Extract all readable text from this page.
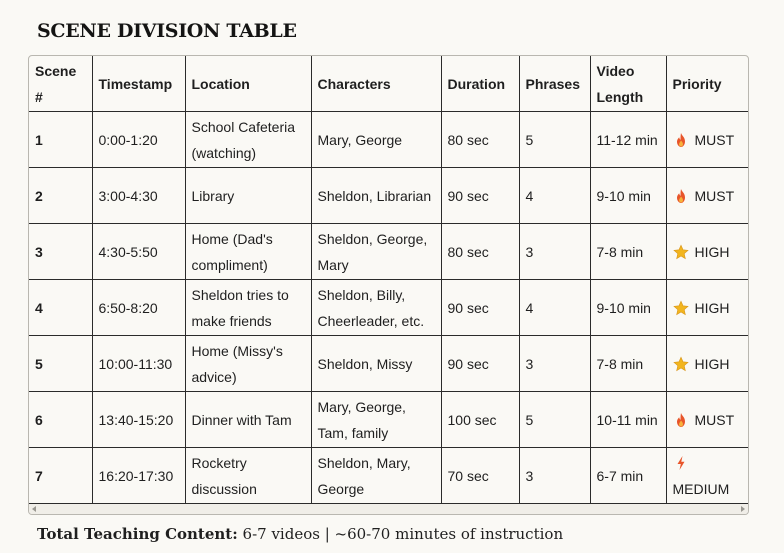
SCENE DIVISION TABLE
Scene #	Timestamp	Location	Characters	Duration	Phrases	Video Length	Priority
1	0:00-1:20	School Cafeteria (watching)	Mary, George	80 sec	5	11-12 min	MUST
2	3:00-4:30	Library	Sheldon, Librarian	90 sec	4	9-10 min	MUST
3	4:30-5:50	Home (Dad's compliment)	Sheldon, George, Mary	80 sec	3	7-8 min	HIGH
4	6:50-8:20	Sheldon tries to make friends	Sheldon, Billy, Cheerleader, etc.	90 sec	4	9-10 min	HIGH
5	10:00-11:30	Home (Missy's advice)	Sheldon, Missy	90 sec	3	7-8 min	HIGH
6	13:40-15:20	Dinner with Tam	Mary, George, Tam, family	100 sec	5	10-11 min	MUST
7	16:20-17:30	Rocketry discussion	Sheldon, Mary, George	70 sec	3	6-7 min	MEDIUM
Total Teaching Content: 6-7 videos | ~60-70 minutes of instruction
